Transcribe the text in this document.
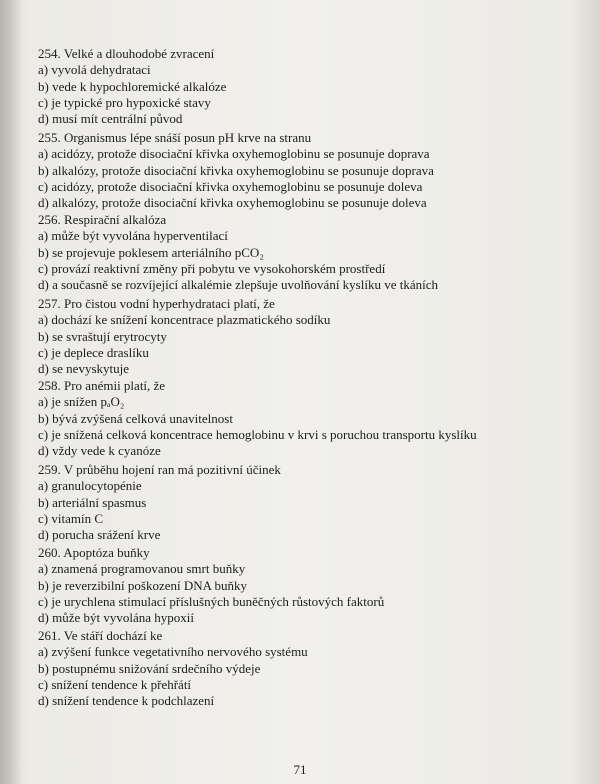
254. Velké a dlouhodobé zvracení
a) vyvolá dehydrataci
b) vede k hypochloremické alkalóze
c) je typické pro hypoxické stavy
d) musí mít centrální původ
255. Organismus lépe snáší posun pH krve na stranu
a) acidózy, protože disociační křivka oxyhemoglobinu se posunuje doprava
b) alkalózy, protože disociační křivka oxyhemoglobinu se posunuje doprava
c) acidózy, protože disociační křivka oxyhemoglobinu se posunuje doleva
d) alkalózy, protože disociační křivka oxyhemoglobinu se posunuje doleva
256. Respirační alkalóza
a) může být vyvolána hyperventilací
b) se projevuje poklesem arteriálního pCO₂
c) provází reaktivní změny při pobytu ve vysokohorském prostředí
d) a současně se rozvíjející alkalémie zlepšuje uvolňování kyslíku ve tkáních
257. Pro čistou vodní hyperhydrataci platí, že
a) dochází ke snížení koncentrace plazmatického sodíku
b) se svraštují erytrocyty
c) je deplece draslíku
d) se nevyskytuje
258. Pro anémii platí, že
a) je snížen pₐO₂
b) bývá zvýšená celková unavitelnost
c) je snížená celková koncentrace hemoglobinu v krvi s poruchou transportu kyslíku
d) vždy vede k cyanóze
259. V průběhu hojení ran má pozitivní účinek
a) granulocytopénie
b) arteriální spasmus
c) vitamín C
d) porucha srážení krve
260. Apoptóza buňky
a) znamená programovanou smrt buňky
b) je reverzibilní poškození DNA buňky
c) je urychlena stimulací příslušných buněčných růstových faktorů
d) může být vyvolána hypoxií
261. Ve stáří dochází ke
a) zvýšení funkce vegetativního nervového systému
b) postupnému snižování srdečního výdeje
c) snížení tendence k přehřátí
d) snížení tendence k podchlazení
71
